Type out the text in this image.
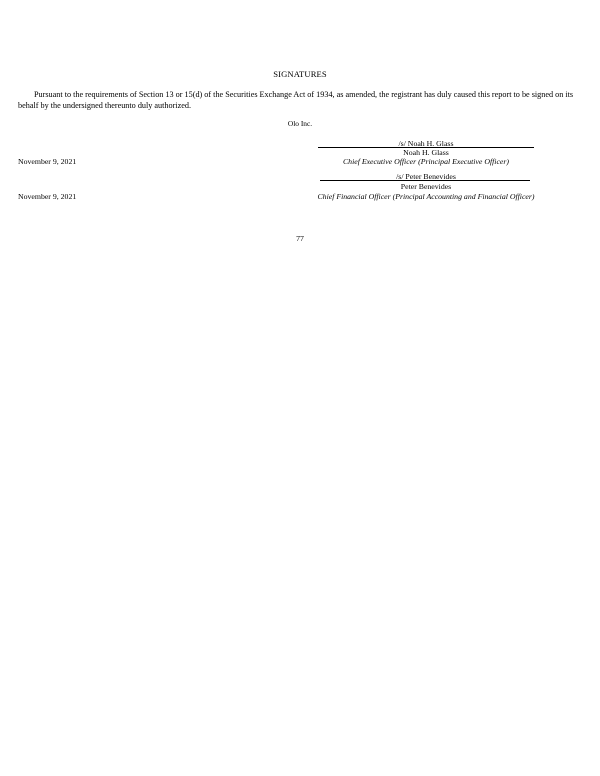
SIGNATURES
Pursuant to the requirements of Section 13 or 15(d) of the Securities Exchange Act of 1934, as amended, the registrant has duly caused this report to be signed on its behalf by the undersigned thereunto duly authorized.
Olo Inc.
/s/ Noah H. Glass
Noah H. Glass
Chief Executive Officer (Principal Executive Officer)
November 9, 2021
/s/ Peter Benevides
Peter Benevides
Chief Financial Officer (Principal Accounting and Financial Officer)
November 9, 2021
77
